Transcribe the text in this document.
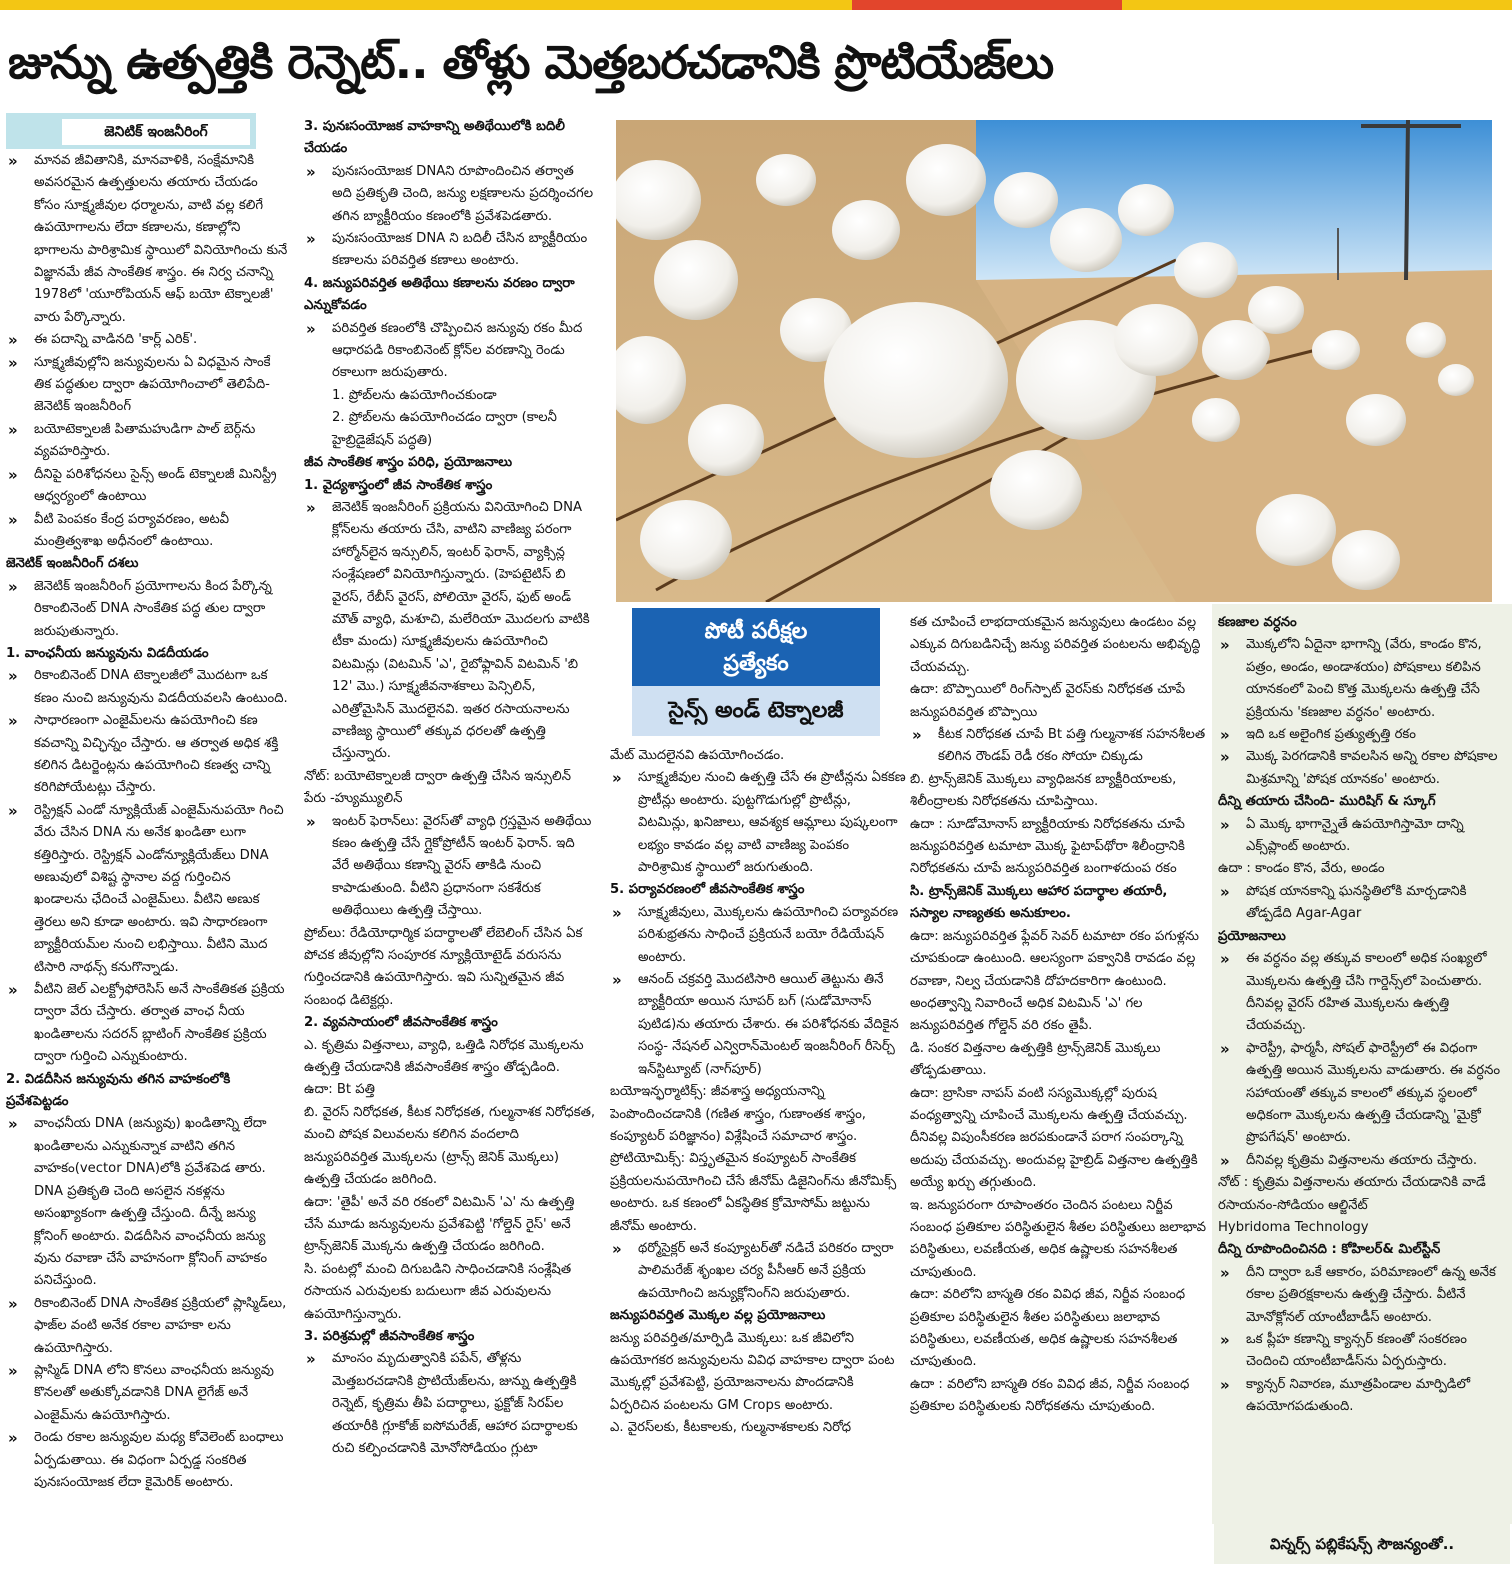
జున్ను ఉత్పత్తికి రెన్నెట్.. తోళ్లు మెత్తబరచడానికి ప్రొటియేజ్‌లు
జెనిటిక్ ఇంజనీరింగ్
» మానవ జీవితానికి, మానవాళికి, సంక్షేమానికి అవసరమైన ఉత్పత్తులను తయారు చేయడం కోసం సూక్ష్మజీవుల ధర్మాలను, వాటి వల్ల కలిగే ఉపయోగాలను లేదా కణాలను, కణాల్లోని భాగాలను పారిశ్రామిక స్థాయిలో వినియోగించు కునే విజ్ఞానమే జీవ సాంకేతిక శాస్త్రం. ఈ నిర్వ చనాన్ని 1978లో 'యూరోపియన్ ఆఫ్ బయో టెక్నాలజీ' వారు పేర్కొన్నారు.
» ఈ పదాన్ని వాడినది 'కార్ల్ ఎరిక్'.
» సూక్ష్మజీవుల్లోని జన్యువులను ఏ విధమైన సాంకే తిక పద్ధతుల ద్వారా ఉపయోగించాలో తెలిపేది- జెనెటిక్ ఇంజనీరింగ్
» బయోటెక్నాలజీ పితామహుడిగా పాల్ బెర్గ్‌ను వ్యవహరిస్తారు.
» దీనిపై పరిశోధనలు సైన్స్ అండ్ టెక్నాలజీ మినిస్ట్రీ ఆధ్వర్యంలో ఉంటాయి
» వీటి పెంపకం కేంద్ర పర్యావరణం, అటవీ మంత్రిత్వశాఖ అధీనంలో ఉంటాయి.
జెనెటిక్ ఇంజనీరింగ్ దశలు
» జెనెటిక్ ఇంజనీరింగ్ ప్రయోగాలను కింద పేర్కొన్న రికాంబినెంట్ DNA సాంకేతిక పద్ధ తుల ద్వారా జరుపుతున్నారు.
1. వాంఛనీయ జన్యువును విడదీయడం
» రికాంబినెంట్ DNA టెక్నాలజీలో మొదటగా ఒక కణం నుంచి జన్యువును విడదీయవలసి ఉంటుంది.
» సాధారణంగా ఎంజైమ్‌లను ఉపయోగించి కణ కవచాన్ని విచ్ఛిన్నం చేస్తారు. ఆ తర్వాత అధిక శక్తి కలిగిన డిటర్జెంట్లను ఉపయోగించి కణత్వ చాన్ని కరిగిపోయేటట్లు చేస్తారు.
» రెస్ట్రిక్షన్ ఎండో న్యూక్లియేజ్ ఎంజైమ్‌నుపయో గించి వేరు చేసిన DNA ను అనేక ఖండితా లుగా కత్తిరిస్తారు. రెస్ట్రిక్షన్ ఎండోన్యూక్లియేజ్‌లు DNA అణువులో విశిష్ట స్థానాల వద్ద గుర్తించిన ఖండాలను ఛేదించే ఎంజైమ్‌లు. వీటిని అణుక త్తెరలు అని కూడా అంటారు. ఇవి సాధారణంగా బ్యాక్టీరియమ్‌ల నుంచి లభిస్తాయి. వీటిని మొద టిసారి నాథన్స్ కనుగొన్నాడు.
» వీటిని జెల్ ఎలక్ట్రోఫోరెసిస్ అనే సాంకేతికత ప్రక్రియ ద్వారా వేరు చేస్తారు. తర్వాత వాంఛ నీయ ఖండితాలను సదరన్ బ్లాటింగ్ సాంకేతిక ప్రక్రియ ద్వారా గుర్తించి ఎన్నుకుంటారు.
2. విడదీసిన జన్యువును తగిన వాహకంలోకి ప్రవేశపెట్టడం
» వాంఛనీయ DNA (జన్యువు) ఖండితాన్ని లేదా ఖండితాలను ఎన్నుకున్నాక వాటిని తగిన వాహకం(vector DNA)లోకి ప్రవేశపెడ తారు. DNA ప్రతికృతి చెంది అసలైన నకళ్లను అసంఖ్యాకంగా ఉత్పత్తి చేస్తుంది. దీన్నే జన్యు క్లోనింగ్ అంటారు. విడదీసిన వాంఛనీయ జన్యు వును రవాణా చేసే వాహనంగా క్లోనింగ్ వాహకం పనిచేస్తుంది.
» రికాంబినెంట్ DNA సాంకేతిక ప్రక్రియలో ప్లాస్మిడ్‌లు, ఫాజ్‌ల వంటి అనేక రకాల వాహకా లను ఉపయోగిస్తారు.
» ప్లాస్మిడ్ DNA లోని కొనలు వాంఛనీయ జన్యువు కొనలతో అతుక్కోవడానికి DNA లైగేజ్ అనే ఎంజైమ్‌ను ఉపయోగిస్తారు.
» రెండు రకాల జన్యువుల మధ్య కోవెలెంట్ బంధాలు ఏర్పడుతాయి. ఈ విధంగా ఏర్పడ్డ సంకరిత పునఃసంయోజక లేదా కైమెరిక్ అంటారు.
3. పునఃసంయోజక వాహకాన్ని అతిథేయిలోకి బదిలీ చేయడం
» పునఃసంయోజక DNAని రూపొందించిన తర్వాత అది ప్రతికృతి చెంది, జన్యు లక్షణాలను ప్రదర్శించగల తగిన బ్యాక్టీరియం కణంలోకి ప్రవేశపెడతారు.
» పునఃసంయోజక DNA ని బదిలీ చేసిన బ్యాక్టీరియం కణాలను పరివర్తిత కణాలు అంటారు.
4. జన్యుపరివర్తిత అతిథేయి కణాలను వరణం ద్వారా ఎన్నుకోవడం
» పరివర్తిత కణంలోకి చొప్పించిన జన్యువు రకం మీద ఆధారపడి రికాంబినెంట్ క్లోన్‌ల వరణాన్ని రెండు రకాలుగా జరుపుతారు.
1. ప్రోబ్‌లను ఉపయోగించకుండా
2. ప్రోబ్‌లను ఉపయోగించడం ద్వారా (కాలనీ హైబ్రిడైజేషన్ పద్ధతి)
జీవ సాంకేతిక శాస్త్రం పరిధి, ప్రయోజనాలు
1. వైద్యశాస్త్రంలో జీవ సాంకేతిక శాస్త్రం
» జెనెటిక్ ఇంజనీరింగ్ ప్రక్రియను వినియోగించి DNA క్లోన్‌లను తయారు చేసి, వాటిని వాణిజ్య పరంగా హార్మోన్‌లైన ఇన్సులిన్, ఇంటర్ ఫెరాన్, వ్యాక్సిన్ల సంశ్లేషణలో వినియోగిస్తున్నారు. (హెపటైటిస్ బి వైరస్, రేబీస్ వైరస్, పోలియో వైరస్, ఫుట్ అండ్ మౌత్ వ్యాధి, మశూచి, మలేరియా మొదలగు వాటికి టీకా మందు) సూక్ష్మజీవులను ఉపయోగించి విటమిన్లు (విటమిన్ 'ఎ', రైబోఫ్లావిన్ విటమిన్ 'బి 12' మొ.) సూక్ష్మజీవనాశకాలు పెన్సిలిన్, ఎరిత్రోమైసిన్ మొదలైనవి. ఇతర రసాయనాలను వాణిజ్య స్థాయిలో తక్కువ ధరలతో ఉత్పత్తి చేస్తున్నారు.
నోట్: బయోటెక్నాలజీ ద్వారా ఉత్పత్తి చేసిన ఇన్సులిన్ పేరు -హ్యుమ్యులిన్
» ఇంటర్ ఫెరాన్‌లు: వైరస్‌తో వ్యాధి గ్రస్తమైన అతిథేయి కణం ఉత్పత్తి చేసే గ్లైకోప్రోటీన్ ఇంటర్ ఫెరాన్. ఇది వేరే అతిథేయి కణాన్ని వైరస్ తాకిడి నుంచి కాపాడుతుంది. వీటిని ప్రధానంగా సకశేరుక అతిథేయిలు ఉత్పత్తి చేస్తాయి.
ప్రోబ్‌లు: రేడియోధార్మిక పదార్థాలతో లేబెలింగ్ చేసిన ఏక పోచక జీవుల్లోని సంపూరక న్యూక్లియోటైడ్ వరుసను గుర్తించడానికి ఉపయోగిస్తారు. ఇవి సున్నితమైన జీవ సంబంధ డిటెక్టర్లు.
2. వ్యవసాయంలో జీవసాంకేతిక శాస్త్రం
ఎ. కృత్రిమ విత్తనాలు, వ్యాధి, ఒత్తిడి నిరోధక మొక్కలను ఉత్పత్తి చేయడానికి జీవసాంకేతిక శాస్త్రం తోడ్పడింది.
ఉదా: Bt పత్తి
బి. వైరస్ నిరోధకత, కీటక నిరోధకత, గుల్మనాశక నిరోధకత, మంచి పోషక విలువలను కలిగిన వందలాది జన్యుపరివర్తిత మొక్కలను (ట్రాన్స్ జెనిక్ మొక్కలు) ఉత్పత్తి చేయడం జరిగింది.
ఉదా: 'తైపీ' అనే వరి రకంలో విటమిన్ 'ఎ' ను ఉత్పత్తి చేసే మూడు జన్యువులను ప్రవేశపెట్టి 'గోల్డెన్ రైస్' అనే ట్రాన్స్‌జెనిక్ మొక్కను ఉత్పత్తి చేయడం జరిగింది.
సి. పంటల్లో మంచి దిగుబడిని సాధించడానికి సంశ్లేషిత రసాయన ఎరువులకు బదులుగా జీవ ఎరువులను ఉపయోగిస్తున్నారు.
3. పరిశ్రమల్లో జీవసాంకేతిక శాస్త్రం
» మాంసం మృదుత్వానికి పపేన్, తోళ్లను మెత్తబరచడానికి ప్రొటియేజ్‌లను, జున్ను ఉత్పత్తికి రెన్నెట్, కృత్రిమ తీపి పదార్థాలు, ఫ్రక్టోజ్ సిరప్‌ల తయారీకి గ్లూకోజ్ ఐసోమరేజ్, ఆహార పదార్థాలకు రుచి కల్పించడానికి మోనోసోడియం గ్లుటా
పోటీ పరీక్షల
ప్రత్యేకం
సైన్స్ అండ్ టెక్నాలజీ
మేట్ మొదలైనవి ఉపయోగించడం.
» సూక్ష్మజీవుల నుంచి ఉత్పత్తి చేసే ఈ ప్రొటీన్లను ఏకకణ ప్రొటీన్లు అంటారు. పుట్టగొడుగుల్లో ప్రొటీన్లు, విటమిన్లు, ఖనిజాలు, ఆవశ్యక ఆమ్లాలు పుష్కలంగా లభ్యం కావడం వల్ల వాటి వాణిజ్య పెంపకం పారిశ్రామిక స్థాయిలో జరుగుతుంది.
5. పర్యావరణంలో జీవసాంకేతిక శాస్త్రం
» సూక్ష్మజీవులు, మొక్కలను ఉపయోగించి పర్యావరణ పరిశుభ్రతను సాధించే ప్రక్రియనే బయో రేడియేషన్ అంటారు.
» ఆనంద్ చక్రవర్తి మొదటిసారి ఆయిల్ తెట్టును తినే బ్యాక్టీరియా అయిన సూపర్ బగ్ (సుడోమోనాస్ పుటిడ)ను తయారు చేశారు. ఈ పరిశోధనకు వేదికైన సంస్థ- నేషనల్ ఎన్విరాన్‌మెంటల్ ఇంజనీరింగ్ రీసెర్చ్ ఇన్‌స్టిట్యూట్ (నాగ్‌పూర్)
బయోఇన్ఫర్మాటిక్స్: జీవశాస్త్ర అధ్యయనాన్ని పెంపొందించడానికి (గణిత శాస్త్రం, గుణాంతక శాస్త్రం, కంప్యూటర్ పరిజ్ఞానం) విశ్లేషించే సమాచార శాస్త్రం.
ప్రోటియోమిక్స్: విస్తృతమైన కంప్యూటర్ సాంకేతిక ప్రక్రియలనుపయోగించి చేసే జీనోమ్ డిజైనింగ్‌ను జీనోమిక్స్ అంటారు. ఒక కణంలో ఏకస్థితిక క్రోమోసోమ్ జట్టును జీనోమ్ అంటారు.
» థర్మోసైక్లర్ అనే కంప్యూటర్‌తో నడిచే పరికరం ద్వారా పాలిమరేజ్ శృంఖల చర్య పీసీఆర్ అనే ప్రక్రియ ఉపయోగించి జన్యుక్లోనింగ్‌ని జరుపుతారు.
జన్యుపరివర్తిత మొక్కల వల్ల ప్రయోజనాలు
జన్యు పరివర్తిత/మార్పిడి మొక్కలు: ఒక జీవిలోని ఉపయోగకర జన్యువులను వివిధ వాహకాల ద్వారా పంట మొక్కల్లో ప్రవేశపెట్టి, ప్రయోజనాలను పొందడానికి ఏర్పరిచిన పంటలను GM Crops అంటారు.
ఎ. వైరస్‌లకు, కీటకాలకు, గుల్మనాశకాలకు నిరోధ
కత చూపించే లాభదాయకమైన జన్యువులు ఉండటం వల్ల ఎక్కువ దిగుబడినిచ్చే జన్యు పరివర్తిత పంటలను అభివృద్ధి చేయవచ్చు.
ఉదా: బొప్పాయిలో రింగ్‌స్పాట్ వైరస్‌కు నిరోధకత చూపే జన్యుపరివర్తిత బొప్పాయి
» కీటక నిరోధకత చూపే Bt పత్తి గుల్మనాశక సహనశీలత కలిగిన రౌండప్ రెడీ రకం సోయా చిక్కుడు
బి. ట్రాన్స్‌జెనిక్ మొక్కలు వ్యాధిజనక బ్యాక్టీరియాలకు, శిలీంద్రాలకు నిరోధకతను చూపిస్తాయి.
ఉదా : సూడోమోనాస్ బ్యాక్టీరియాకు నిరోధకతను చూపే జన్యుపరివర్తిత టమాటా మొక్క ఫైటాప్‌థోరా శిలీంద్రానికి నిరోధకతను చూపే జన్యుపరివర్తిత బంగాళదుంప రకం
సి. ట్రాన్స్‌జెనిక్ మొక్కలు ఆహార పదార్థాల తయారీ, సస్యాల నాణ్యతకు అనుకూలం.
ఉదా: జన్యుపరివర్తిత ఫ్లేవర్ సెవర్ టమాటా రకం పగుళ్లను చూపకుండా ఉంటుంది. ఆలస్యంగా పక్వానికి రావడం వల్ల రవాణా, నిల్వ చేయడానికి దోహదకారిగా ఉంటుంది.
అంధత్వాన్ని నివారించే అధిక విటమిన్ 'ఎ' గల జన్యుపరివర్తిత గోల్డెన్ వరి రకం తైపీ.
డి. సంకర విత్తనాల ఉత్పత్తికి ట్రాన్స్‌జెనిక్ మొక్కలు తోడ్పడుతాయి.
ఉదా: బ్రాసికా నాపస్ వంటి సస్యమొక్కల్లో పురుష వంధ్యత్వాన్ని చూపించే మొక్కలను ఉత్పత్తి చేయవచ్చు. దీనివల్ల విపుంసీకరణ జరపకుండానే పరాగ సంపర్కాన్ని అదుపు చేయవచ్చు. అందువల్ల హైబ్రిడ్ విత్తనాల ఉత్పత్తికి అయ్యే ఖర్చు తగ్గుతుంది.
ఇ. జన్యుపరంగా రూపాంతరం చెందిన పంటలు నిర్జీవ సంబంధ ప్రతికూల పరిస్థితులైన శీతల పరిస్థితులు జలాభావ పరిస్థితులు, లవణీయత, అధిక ఉష్ణాలకు సహనశీలత చూపుతుంది.
ఉదా: వరిలోని బాస్మతి రకం వివిధ జీవ, నిర్జీవ సంబంధ ప్రతికూల పరిస్థితులైన శీతల పరిస్థితులు జలాభావ పరిస్థితులు, లవణీయత, అధిక ఉష్ణాలకు సహనశీలత చూపుతుంది.
ఉదా : వరిలోని బాస్మతి రకం వివిధ జీవ, నిర్జీవ సంబంధ ప్రతికూల పరిస్థితులకు నిరోధకతను చూపుతుంది.
కణజాల వర్ధనం
» మొక్కలోని ఏదైనా భాగాన్ని (వేరు, కాండం కొన, పత్రం, అండం, అండాశయం) పోషకాలు కలిపిన యానకంలో పెంచి కొత్త మొక్కలను ఉత్పత్తి చేసే ప్రక్రియను 'కణజాల వర్ధనం' అంటారు.
» ఇది ఒక అలైంగిక ప్రత్యుత్పత్తి రకం
» మొక్క పెరగడానికి కావలసిన అన్ని రకాల పోషకాల మిశ్రమాన్ని 'పోషక యానకం' అంటారు.
దీన్ని తయారు చేసింది- మురిషిగ్ & స్కూగ్
» ఏ మొక్క భాగాన్నైతే ఉపయోగిస్తామో దాన్ని ఎక్స్‌ప్లాంట్ అంటారు.
ఉదా : కాండం కొన, వేరు, అండం
» పోషక యానకాన్ని ఘనస్థితిలోకి మార్చడానికి తోడ్పడేది Agar-Agar
ప్రయోజనాలు
» ఈ వర్ధనం వల్ల తక్కువ కాలంలో అధిక సంఖ్యలో మొక్కలను ఉత్పత్తి చేసి గార్డెన్స్‌లో పెంచుతారు. దీనివల్ల వైరస్ రహిత మొక్కలను ఉత్పత్తి చేయవచ్చు.
» ఫారెస్ట్రీ, ఫార్మసీ, సోషల్ ఫారెస్ట్రీలో ఈ విధంగా ఉత్పత్తి అయిన మొక్కలను వాడుతారు. ఈ వర్ధనం సహాయంతో తక్కువ కాలంలో తక్కువ స్థలంలో అధికంగా మొక్కలను ఉత్పత్తి చేయడాన్ని 'మైక్రో ప్రొపగేషన్' అంటారు.
» దీనివల్ల కృత్రిమ విత్తనాలను తయారు చేస్తారు.
నోట్ : కృత్రిమ విత్తనాలను తయారు చేయడానికి వాడే రసాయనం-సోడియం ఆల్జినేట్
Hybridoma Technology
దీన్ని రూపొందించినది : కోహిలర్& మిల్‌స్టీన్
» దీని ద్వారా ఒకే ఆకారం, పరిమాణంలో ఉన్న అనేక రకాల ప్రతిరక్షకాలను ఉత్పత్తి చేస్తారు. వీటినే మోనోక్లోనల్ యాంటీబాడీస్ అంటారు.
» ఒక ప్లీహ కణాన్ని క్యాన్సర్ కణంతో సంకరణం చెందించి యాంటీబాడీస్‌ను ఏర్పరుస్తారు.
» క్యాన్సర్ నివారణ, మూత్రపిండాల మార్పిడిలో ఉపయోగపడుతుంది.
విన్నర్స్ పబ్లికేషన్స్ సౌజన్యంతో..
